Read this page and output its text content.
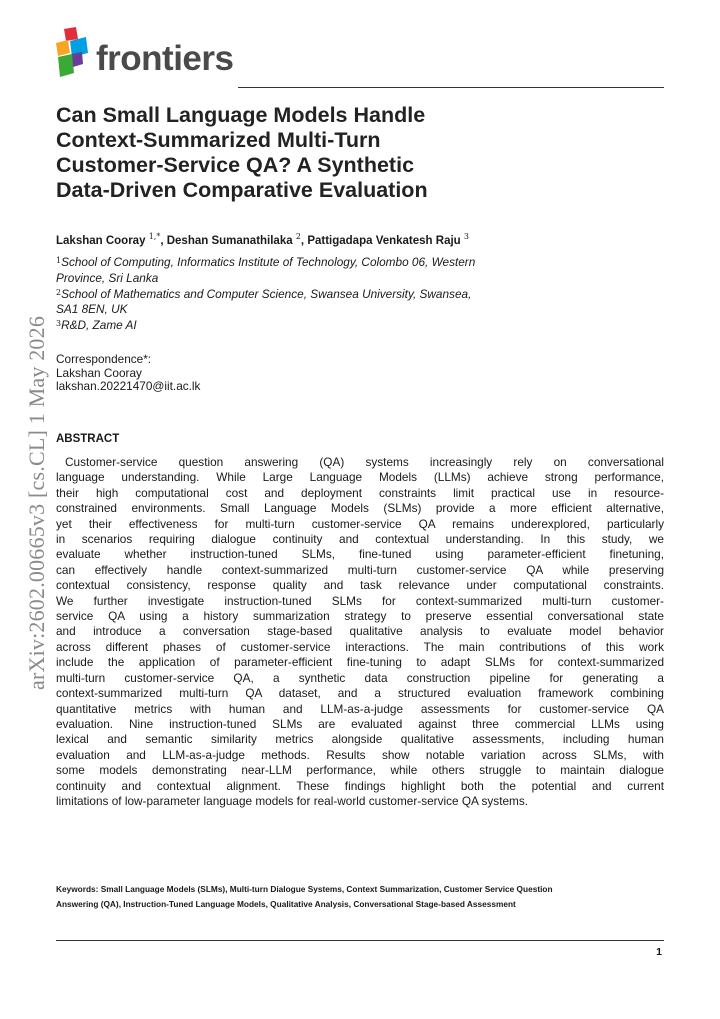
frontiers
arXiv:2602.00665v3 [cs.CL] 1 May 2026
Can Small Language Models Handle
Context-Summarized Multi-Turn
Customer-Service QA? A Synthetic
Data-Driven Comparative Evaluation
Lakshan Cooray $^{1,*}$, Deshan Sumanathilaka $^2$, Pattigadapa Venkatesh Raju $^3$
$^1$School of Computing, Informatics Institute of Technology, Colombo 06, Western
Province, Sri Lanka
$^2$School of Mathematics and Computer Science, Swansea University, Swansea,
SA1 8EN, UK
$^3$R&D, Zame AI
Correspondence*:
Lakshan Cooray
lakshan.20221470@iit.ac.lk
ABSTRACT
Customer-service question answering (QA) systems increasingly rely on conversational
language understanding. While Large Language Models (LLMs) achieve strong performance,
their high computational cost and deployment constraints limit practical use in resource-
constrained environments. Small Language Models (SLMs) provide a more efficient alternative,
yet their effectiveness for multi-turn customer-service QA remains underexplored, particularly
in scenarios requiring dialogue continuity and contextual understanding. In this study, we
evaluate whether instruction-tuned SLMs, fine-tuned using parameter-efficient finetuning,
can effectively handle context-summarized multi-turn customer-service QA while preserving
contextual consistency, response quality and task relevance under computational constraints.
We further investigate instruction-tuned SLMs for context-summarized multi-turn customer-
service QA using a history summarization strategy to preserve essential conversational state
and introduce a conversation stage-based qualitative analysis to evaluate model behavior
across different phases of customer-service interactions. The main contributions of this work
include the application of parameter-efficient fine-tuning to adapt SLMs for context-summarized
multi-turn customer-service QA, a synthetic data construction pipeline for generating a
context-summarized multi-turn QA dataset, and a structured evaluation framework combining
quantitative metrics with human and LLM-as-a-judge assessments for customer-service QA
evaluation. Nine instruction-tuned SLMs are evaluated against three commercial LLMs using
lexical and semantic similarity metrics alongside qualitative assessments, including human
evaluation and LLM-as-a-judge methods. Results show notable variation across SLMs, with
some models demonstrating near-LLM performance, while others struggle to maintain dialogue
continuity and contextual alignment. These findings highlight both the potential and current
limitations of low-parameter language models for real-world customer-service QA systems.
Keywords: Small Language Models (SLMs), Multi-turn Dialogue Systems, Context Summarization, Customer Service Question
Answering (QA), Instruction-Tuned Language Models, Qualitative Analysis, Conversational Stage-based Assessment
1
